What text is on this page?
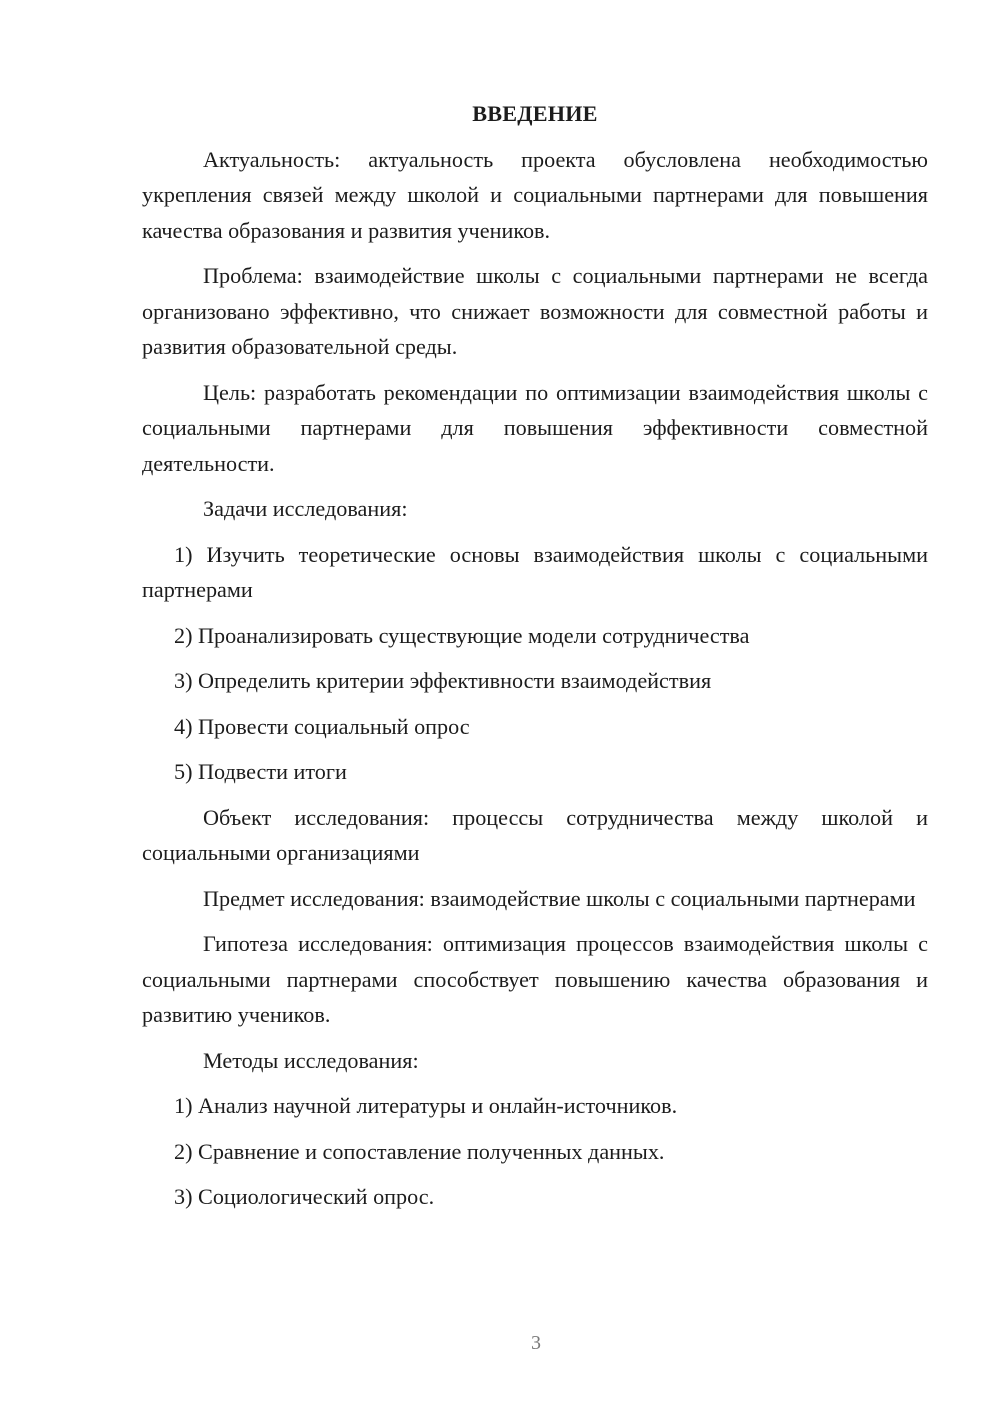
ВВЕДЕНИЕ

Актуальность: актуальность проекта обусловлена необходимостью укрепления связей между школой и социальными партнерами для повышения качества образования и развития учеников.

Проблема: взаимодействие школы с социальными партнерами не всегда организовано эффективно, что снижает возможности для совместной работы и развития образовательной среды.

Цель: разработать рекомендации по оптимизации взаимодействия школы с социальными партнерами для повышения эффективности совместной деятельности.

Задачи исследования:

1) Изучить теоретические основы взаимодействия школы с социальными партнерами

2) Проанализировать существующие модели сотрудничества

3) Определить критерии эффективности взаимодействия

4) Провести социальный опрос

5) Подвести итоги

Объект исследования: процессы сотрудничества между школой и социальными организациями

Предмет исследования: взаимодействие школы с социальными партнерами

Гипотеза исследования: оптимизация процессов взаимодействия школы с социальными партнерами способствует повышению качества образования и развитию учеников.

Методы исследования:

1) Анализ научной литературы и онлайн-источников.

2) Сравнение и сопоставление полученных данных.

3) Социологический опрос.

3
